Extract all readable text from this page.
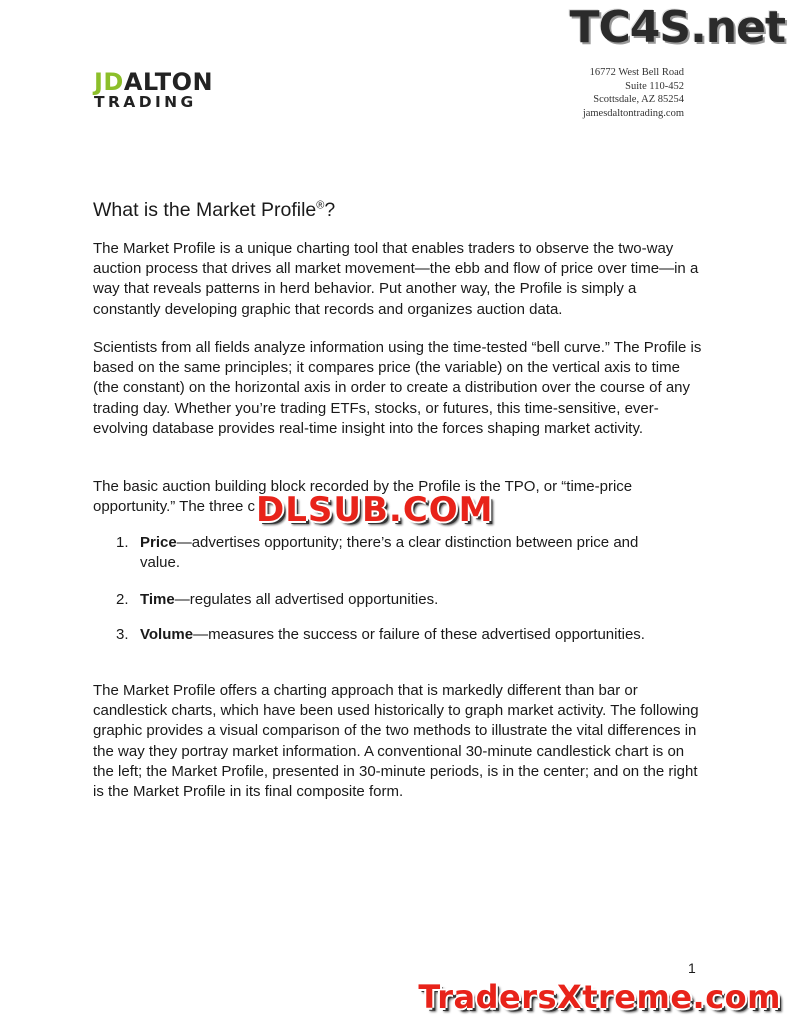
JDALTON
TRADING
16772 West Bell Road
Suite 110-452
Scottsdale, AZ 85254
jamesdaltontrading.com
What is the Market Profile®?

The Market Profile is a unique charting tool that enables traders to observe the two-way auction process that drives all market movement—the ebb and flow of price over time—in a way that reveals patterns in herd behavior. Put another way, the Profile is simply a constantly developing graphic that records and organizes auction data.

Scientists from all fields analyze information using the time-tested “bell curve.” The Profile is based on the same principles; it compares price (the variable) on the vertical axis to time (the constant) on the horizontal axis in order to create a distribution over the course of any trading day. Whether you’re trading ETFs, stocks, or futures, this time-sensitive, ever-evolving database provides real-time insight into the forces shaping market activity.

The basic auction building block recorded by the Profile is the TPO, or “time-price opportunity.” The three c

1. Price—advertises opportunity; there’s a clear distinction between price and value.
2. Time—regulates all advertised opportunities.
3. Volume—measures the success or failure of these advertised opportunities.

The Market Profile offers a charting approach that is markedly different than bar or candlestick charts, which have been used historically to graph market activity. The following graphic provides a visual comparison of the two methods to illustrate the vital differences in the way they portray market information. A conventional 30-minute candlestick chart is on the left; the Market Profile, presented in 30-minute periods, is in the center; and on the right is the Market Profile in its final composite form.

1
TC4S.net
DLSUB.COM
TradersXtreme.com
